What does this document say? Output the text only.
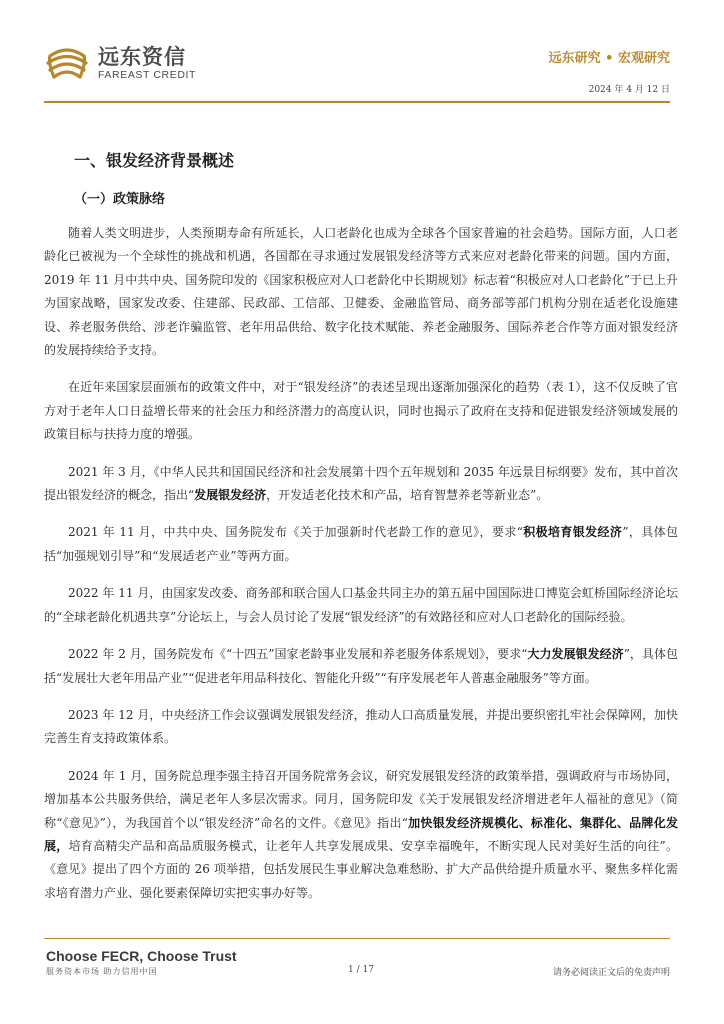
远东资信
FAREAST CREDIT
远东研究 • 宏观研究
2024 年 4 月 12 日
一、银发经济背景概述
（一）政策脉络

随着人类文明进步，人类预期寿命有所延长，人口老龄化也成为全球各个国家普遍的社会趋势。国际方面，人口老龄化已被视为一个全球性的挑战和机遇，各国都在寻求通过发展银发经济等方式来应对老龄化带来的问题。国内方面，2019 年 11 月中共中央、国务院印发的《国家积极应对人口老龄化中长期规划》标志着“积极应对人口老龄化”于已上升为国家战略，国家发改委、住建部、民政部、工信部、卫健委、金融监管局、商务部等部门机构分别在适老化设施建设、养老服务供给、涉老诈骗监管、老年用品供给、数字化技术赋能、养老金融服务、国际养老合作等方面对银发经济的发展持续给予支持。

在近年来国家层面颁布的政策文件中，对于“银发经济”的表述呈现出逐渐加强深化的趋势（表 1），这不仅反映了官方对于老年人口日益增长带来的社会压力和经济潜力的高度认识，同时也揭示了政府在支持和促进银发经济领域发展的政策目标与扶持力度的增强。

2021 年 3 月，《中华人民共和国国民经济和社会发展第十四个五年规划和 2035 年远景目标纲要》发布，其中首次提出银发经济的概念，指出“发展银发经济，开发适老化技术和产品，培育智慧养老等新业态”。

2021 年 11 月，中共中央、国务院发布《关于加强新时代老龄工作的意见》，要求“积极培育银发经济”，具体包括“加强规划引导”和“发展适老产业”等两方面。

2022 年 11 月，由国家发改委、商务部和联合国人口基金共同主办的第五届中国国际进口博览会虹桥国际经济论坛的“全球老龄化机遇共享”分论坛上，与会人员讨论了发展“银发经济”的有效路径和应对人口老龄化的国际经验。

2022 年 2 月，国务院发布《“十四五”国家老龄事业发展和养老服务体系规划》，要求“大力发展银发经济”，具体包括“发展壮大老年用品产业”“促进老年用品科技化、智能化升级”“有序发展老年人普惠金融服务”等方面。

2023 年 12 月，中央经济工作会议强调发展银发经济，推动人口高质量发展，并提出要织密扎牢社会保障网，加快完善生育支持政策体系。

2024 年 1 月，国务院总理李强主持召开国务院常务会议，研究发展银发经济的政策举措，强调政府与市场协同，增加基本公共服务供给，满足老年人多层次需求。同月，国务院印发《关于发展银发经济增进老年人福祉的意见》（简称“《意见》”），为我国首个以“银发经济”命名的文件。《意见》指出“加快银发经济规模化、标准化、集群化、品牌化发展，培育高精尖产品和高品质服务模式，让老年人共享发展成果、安享幸福晚年，不断实现人民对美好生活的向往”。《意见》提出了四个方面的 26 项举措，包括发展民生事业解决急难愁盼、扩大产品供给提升质量水平、聚焦多样化需求培育潜力产业、强化要素保障切实把实事办好等。

Choose FECR, Choose Trust
服务资本市场 助力信用中国	1 / 17	请务必阅读正文后的免责声明
